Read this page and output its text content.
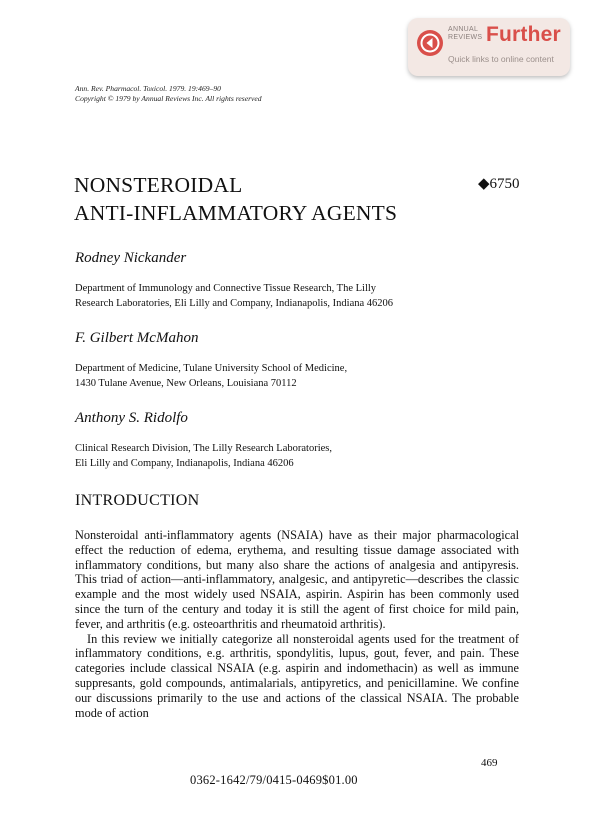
ANNUAL
REVIEWS Further
Quick links to online content
Ann. Rev. Pharmacol. Toxicol. 1979. 19:469–90
Copyright © 1979 by Annual Reviews Inc. All rights reserved
NONSTEROIDAL
ANTI-INFLAMMATORY AGENTS
◆6750
Rodney Nickander
Department of Immunology and Connective Tissue Research, The Lilly
Research Laboratories, Eli Lilly and Company, Indianapolis, Indiana 46206
F. Gilbert McMahon
Department of Medicine, Tulane University School of Medicine,
1430 Tulane Avenue, New Orleans, Louisiana 70112
Anthony S. Ridolfo
Clinical Research Division, The Lilly Research Laboratories,
Eli Lilly and Company, Indianapolis, Indiana 46206
INTRODUCTION

Nonsteroidal anti-inflammatory agents (NSAIA) have as their major pharmacological effect the reduction of edema, erythema, and resulting tissue damage associated with inflammatory conditions, but many also share the actions of analgesia and antipyresis. This triad of action—anti-inflammatory, analgesic, and antipyretic—describes the classic example and the most widely used NSAIA, aspirin. Aspirin has been commonly used since the turn of the century and today it is still the agent of first choice for mild pain, fever, and arthritis (e.g. osteoarthritis and rheumatoid arthritis).

In this review we initially categorize all nonsteroidal agents used for the treatment of inflammatory conditions, e.g. arthritis, spondylitis, lupus, gout, fever, and pain. These categories include classical NSAIA (e.g. aspirin and indomethacin) as well as immune suppresants, gold compounds, antimalarials, antipyretics, and penicillamine. We confine our discussions primarily to the use and actions of the classical NSAIA. The probable mode of action

469
0362-1642/79/0415-0469$01.00
